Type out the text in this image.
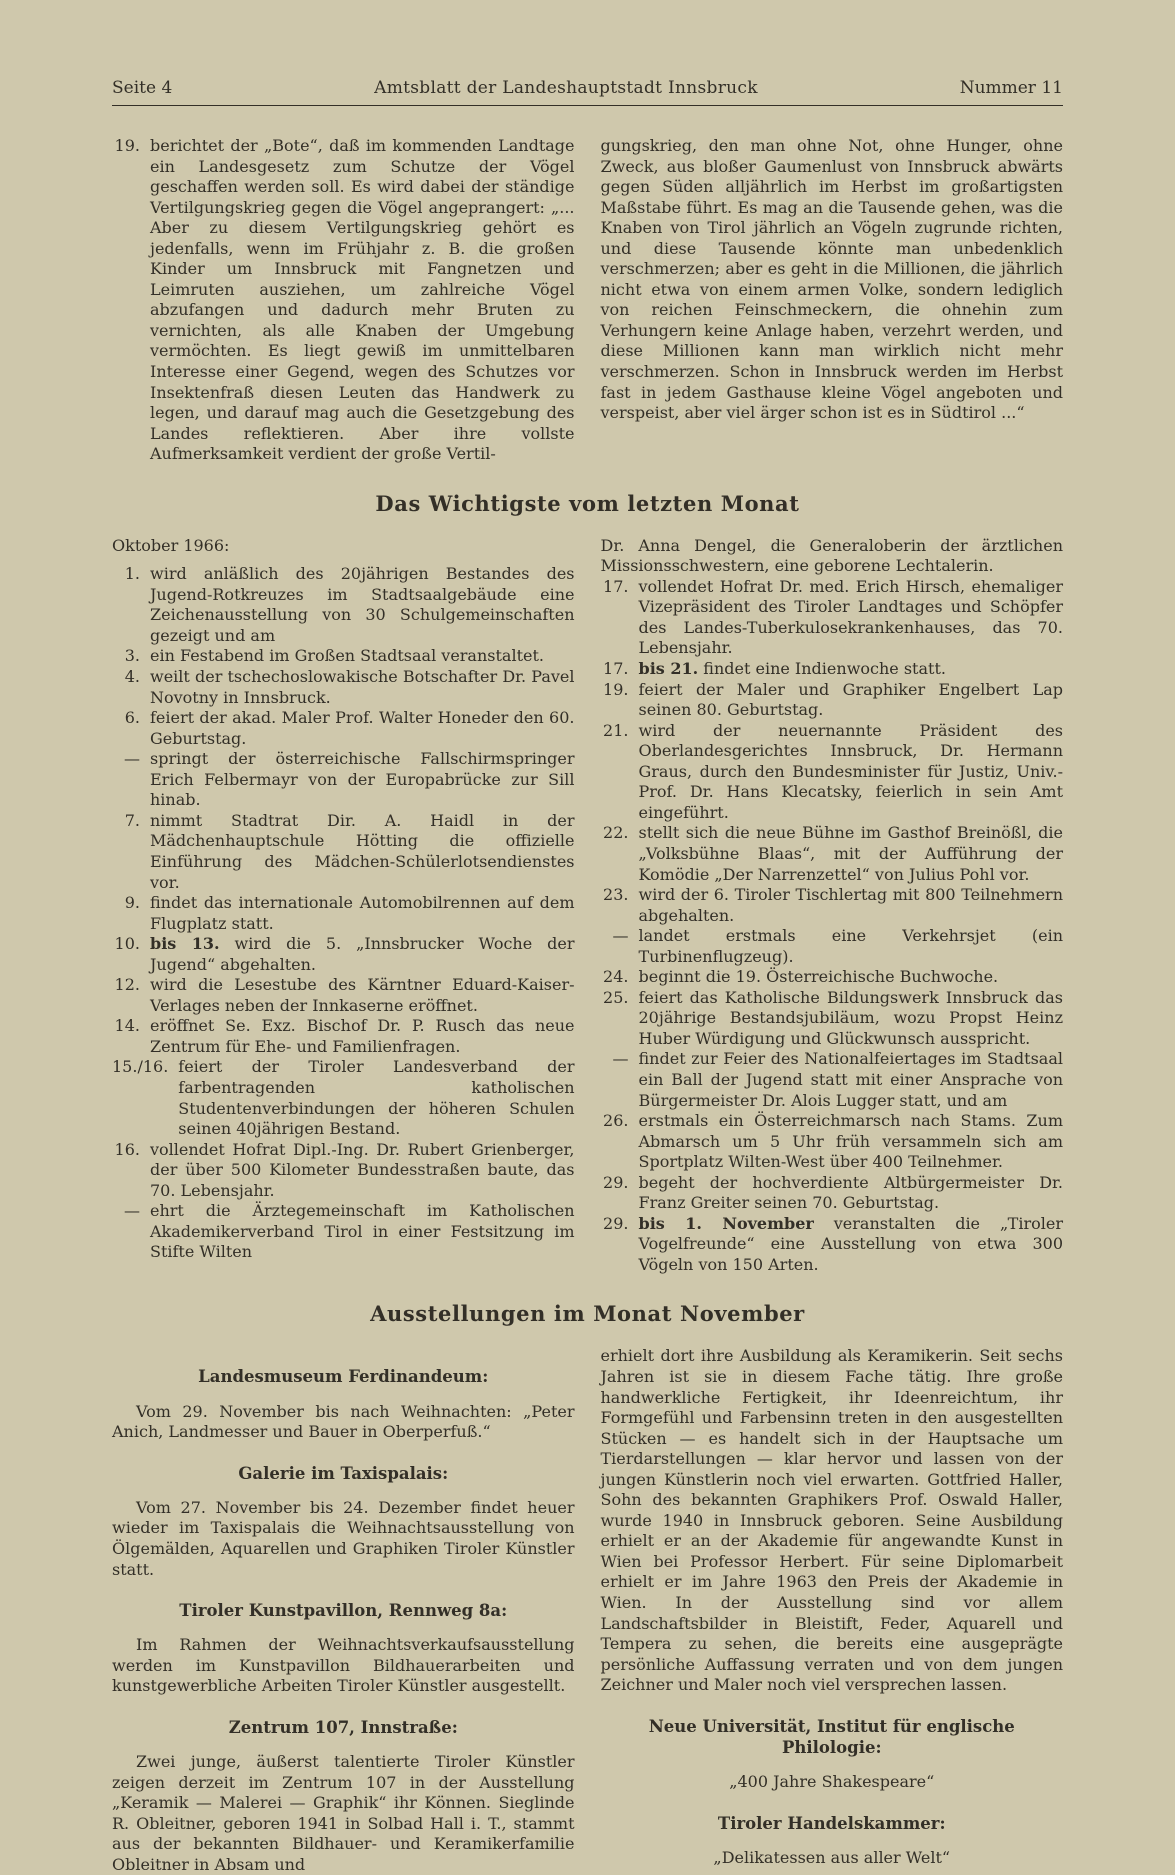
Seite 4	Amtsblatt der Landeshauptstadt Innsbruck	Nummer 11
19. berichtet der „Bote“, daß im kommenden Landtage ein Landesgesetz zum Schutze der Vögel geschaffen werden soll. Es wird dabei der ständige Vertilgungskrieg gegen die Vögel angeprangert: „... Aber zu diesem Vertilgungskrieg gehört es jedenfalls, wenn im Frühjahr z. B. die großen Kinder um Innsbruck mit Fangnetzen und Leimruten ausziehen, um zahlreiche Vögel abzufangen und dadurch mehr Bruten zu vernichten, als alle Knaben der Umgebung vermöchten. Es liegt gewiß im unmittelbaren Interesse einer Gegend, wegen des Schutzes vor Insektenfraß diesen Leuten das Handwerk zu legen, und darauf mag auch die Gesetzgebung des Landes reflektieren. Aber ihre vollste Aufmerksamkeit verdient der große Vertil-

gungskrieg, den man ohne Not, ohne Hunger, ohne Zweck, aus bloßer Gaumenlust von Innsbruck abwärts gegen Süden alljährlich im Herbst im großartigsten Maßstabe führt. Es mag an die Tausende gehen, was die Knaben von Tirol jährlich an Vögeln zugrunde richten, und diese Tausende könnte man unbedenklich verschmerzen; aber es geht in die Millionen, die jährlich nicht etwa von einem armen Volke, sondern lediglich von reichen Feinschmeckern, die ohnehin zum Verhungern keine Anlage haben, verzehrt werden, und diese Millionen kann man wirklich nicht mehr verschmerzen. Schon in Innsbruck werden im Herbst fast in jedem Gasthause kleine Vögel angeboten und verspeist, aber viel ärger schon ist es in Südtirol ...“

Das Wichtigste vom letzten Monat

Oktober 1966:

1. wird anläßlich des 20jährigen Bestandes des Jugend-Rotkreuzes im Stadtsaalgebäude eine Zeichenausstellung von 30 Schulgemeinschaften gezeigt und am
3. ein Festabend im Großen Stadtsaal veranstaltet.
4. weilt der tschechoslowakische Botschafter Dr. Pavel Novotny in Innsbruck.
6. feiert der akad. Maler Prof. Walter Honeder den 60. Geburtstag.
— springt der österreichische Fallschirmspringer Erich Felbermayr von der Europabrücke zur Sill hinab.
7. nimmt Stadtrat Dir. A. Haidl in der Mädchenhauptschule Hötting die offizielle Einführung des Mädchen-Schülerlotsendienstes vor.
9. findet das internationale Automobilrennen auf dem Flugplatz statt.
10. bis 13. wird die 5. „Innsbrucker Woche der Jugend“ abgehalten.
12. wird die Lesestube des Kärntner Eduard-Kaiser-Verlages neben der Innkaserne eröffnet.
14. eröffnet Se. Exz. Bischof Dr. P. Rusch das neue Zentrum für Ehe- und Familienfragen.
15./16. feiert der Tiroler Landesverband der farbentragenden katholischen Studentenverbindungen der höheren Schulen seinen 40jährigen Bestand.
16. vollendet Hofrat Dipl.-Ing. Dr. Rubert Grienberger, der über 500 Kilometer Bundesstraßen baute, das 70. Lebensjahr.
— ehrt die Ärztegemeinschaft im Katholischen Akademikerverband Tirol in einer Festsitzung im Stifte Wilten

Dr. Anna Dengel, die Generaloberin der ärztlichen Missionsschwestern, eine geborene Lechtalerin.

17. vollendet Hofrat Dr. med. Erich Hirsch, ehemaliger Vizepräsident des Tiroler Landtages und Schöpfer des Landes-Tuberkulosekrankenhauses, das 70. Lebensjahr.
17. bis 21. findet eine Indienwoche statt.
19. feiert der Maler und Graphiker Engelbert Lap seinen 80. Geburtstag.
21. wird der neuernannte Präsident des Oberlandesgerichtes Innsbruck, Dr. Hermann Graus, durch den Bundesminister für Justiz, Univ.-Prof. Dr. Hans Klecatsky, feierlich in sein Amt eingeführt.
22. stellt sich die neue Bühne im Gasthof Breinößl, die „Volksbühne Blaas“, mit der Aufführung der Komödie „Der Narrenzettel“ von Julius Pohl vor.
23. wird der 6. Tiroler Tischlertag mit 800 Teilnehmern abgehalten.
— landet erstmals eine Verkehrsjet (ein Turbinenflugzeug).
24. beginnt die 19. Österreichische Buchwoche.
25. feiert das Katholische Bildungswerk Innsbruck das 20jährige Bestandsjubiläum, wozu Propst Heinz Huber Würdigung und Glückwunsch ausspricht.
— findet zur Feier des Nationalfeiertages im Stadtsaal ein Ball der Jugend statt mit einer Ansprache von Bürgermeister Dr. Alois Lugger statt, und am
26. erstmals ein Österreichmarsch nach Stams. Zum Abmarsch um 5 Uhr früh versammeln sich am Sportplatz Wilten-West über 400 Teilnehmer.
29. begeht der hochverdiente Altbürgermeister Dr. Franz Greiter seinen 70. Geburtstag.
29. bis 1. November veranstalten die „Tiroler Vogelfreunde“ eine Ausstellung von etwa 300 Vögeln von 150 Arten.
Ausstellungen im Monat November
Landesmuseum Ferdinandeum:

Vom 29. November bis nach Weihnachten: „Peter Anich, Landmesser und Bauer in Oberperfuß.“

Galerie im Taxispalais:

Vom 27. November bis 24. Dezember findet heuer wieder im Taxispalais die Weihnachtsausstellung von Ölgemälden, Aquarellen und Graphiken Tiroler Künstler statt.

Tiroler Kunstpavillon, Rennweg 8a:

Im Rahmen der Weihnachtsverkaufsausstellung werden im Kunstpavillon Bildhauerarbeiten und kunstgewerbliche Arbeiten Tiroler Künstler ausgestellt.

Zentrum 107, Innstraße:

Zwei junge, äußerst talentierte Tiroler Künstler zeigen derzeit im Zentrum 107 in der Ausstellung „Keramik — Malerei — Graphik“ ihr Können. Sieglinde R. Obleitner, geboren 1941 in Solbad Hall i. T., stammt aus der bekannten Bildhauer- und Keramikerfamilie Obleitner in Absam und

erhielt dort ihre Ausbildung als Keramikerin. Seit sechs Jahren ist sie in diesem Fache tätig. Ihre große handwerkliche Fertigkeit, ihr Ideenreichtum, ihr Formgefühl und Farbensinn treten in den ausgestellten Stücken — es handelt sich in der Hauptsache um Tierdarstellungen — klar hervor und lassen von der jungen Künstlerin noch viel erwarten. Gottfried Haller, Sohn des bekannten Graphikers Prof. Oswald Haller, wurde 1940 in Innsbruck geboren. Seine Ausbildung erhielt er an der Akademie für angewandte Kunst in Wien bei Professor Herbert. Für seine Diplomarbeit erhielt er im Jahre 1963 den Preis der Akademie in Wien. In der Ausstellung sind vor allem Landschaftsbilder in Bleistift, Feder, Aquarell und Tempera zu sehen, die bereits eine ausgeprägte persönliche Auffassung verraten und von dem jungen Zeichner und Maler noch viel versprechen lassen.

Neue Universität, Institut für englische Philologie:

„400 Jahre Shakespeare“

Tiroler Handelskammer:

„Delikatessen aus aller Welt“
